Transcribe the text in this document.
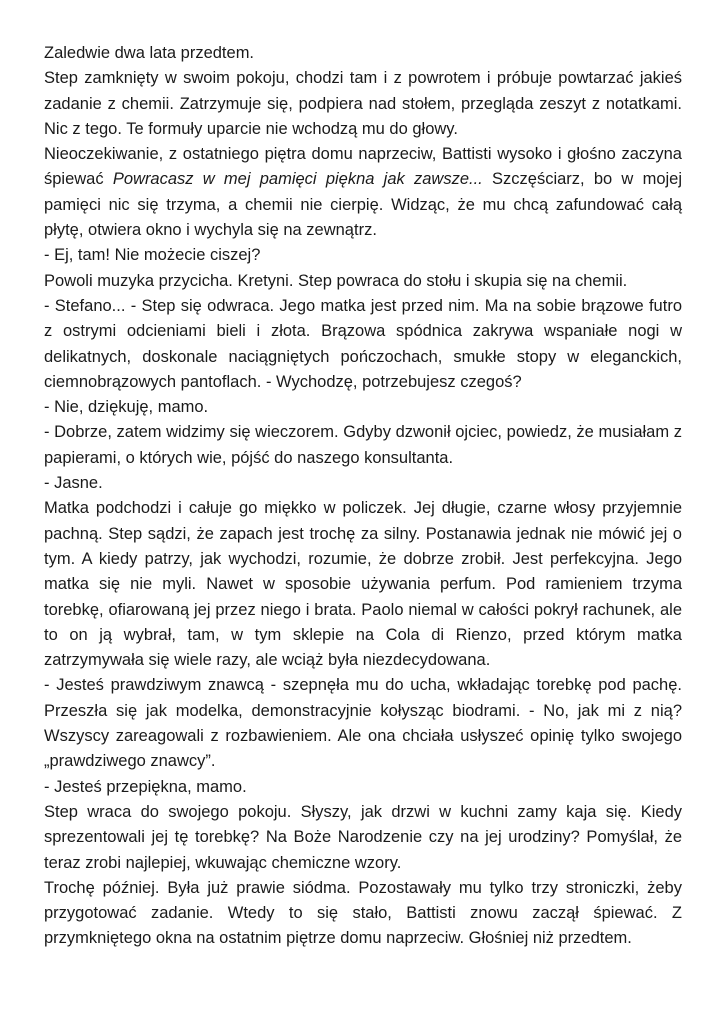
Zaledwie dwa lata przedtem.

Step zamknięty w swoim pokoju, chodzi tam i z powrotem i próbuje powtarzać jakieś zadanie z chemii. Zatrzymuje się, podpiera nad stołem, przegląda zeszyt z notatkami. Nic z tego. Te formuły uparcie nie wchodzą mu do głowy.

Nieoczekiwanie, z ostatniego piętra domu naprzeciw, Battisti wysoko i głośno zaczyna śpiewać Powracasz w mej pamięci piękna jak zawsze... Szczęściarz, bo w mojej pamięci nic się trzyma, a chemii nie cierpię. Widząc, że mu chcą zafundować całą płytę, otwiera okno i wychyla się na zewnątrz.

- Ej, tam! Nie możecie ciszej?

Powoli muzyka przycicha. Kretyni. Step powraca do stołu i skupia się na chemii.

- Stefano... - Step się odwraca. Jego matka jest przed nim. Ma na sobie brązowe futro z ostrymi odcieniami bieli i złota. Brązowa spódnica zakrywa wspaniałe nogi w delikatnych, doskonale naciągniętych pończochach, smukłe stopy w eleganckich, ciemnobrązowych pantoflach. - Wychodzę, potrzebujesz czegoś?

- Nie, dziękuję, mamo.

- Dobrze, zatem widzimy się wieczorem. Gdyby dzwonił ojciec, powiedz, że musiałam z papierami, o których wie, pójść do naszego konsultanta.

- Jasne.

Matka podchodzi i całuje go miękko w policzek. Jej długie, czarne włosy przyjemnie pachną. Step sądzi, że zapach jest trochę za silny. Postanawia jednak nie mówić jej o tym. A kiedy patrzy, jak wychodzi, rozumie, że dobrze zrobił. Jest perfekcyjna. Jego matka się nie myli. Nawet w sposobie używania perfum. Pod ramieniem trzyma torebkę, ofiarowaną jej przez niego i brata. Paolo niemal w całości pokrył rachunek, ale to on ją wybrał, tam, w tym sklepie na Cola di Rienzo, przed którym matka zatrzymywała się wiele razy, ale wciąż była niezdecydowana.

- Jesteś prawdziwym znawcą - szepnęła mu do ucha, wkładając torebkę pod pachę. Przeszła się jak modelka, demonstracyjnie kołysząc biodrami. - No, jak mi z nią? Wszyscy zareagowali z rozbawieniem. Ale ona chciała usłyszeć opinię tylko swojego „prawdziwego znawcy”.

- Jesteś przepiękna, mamo.

Step wraca do swojego pokoju. Słyszy, jak drzwi w kuchni zamy kaja się. Kiedy sprezentowali jej tę torebkę? Na Boże Narodzenie czy na jej urodziny? Pomyślał, że teraz zrobi najlepiej, wkuwając chemiczne wzory.

Trochę później. Była już prawie siódma. Pozostawały mu tylko trzy stroniczki, żeby przygotować zadanie. Wtedy to się stało, Battisti znowu zaczął śpiewać. Z przymkniętego okna na ostatnim piętrze domu naprzeciw. Głośniej niż przedtem.
